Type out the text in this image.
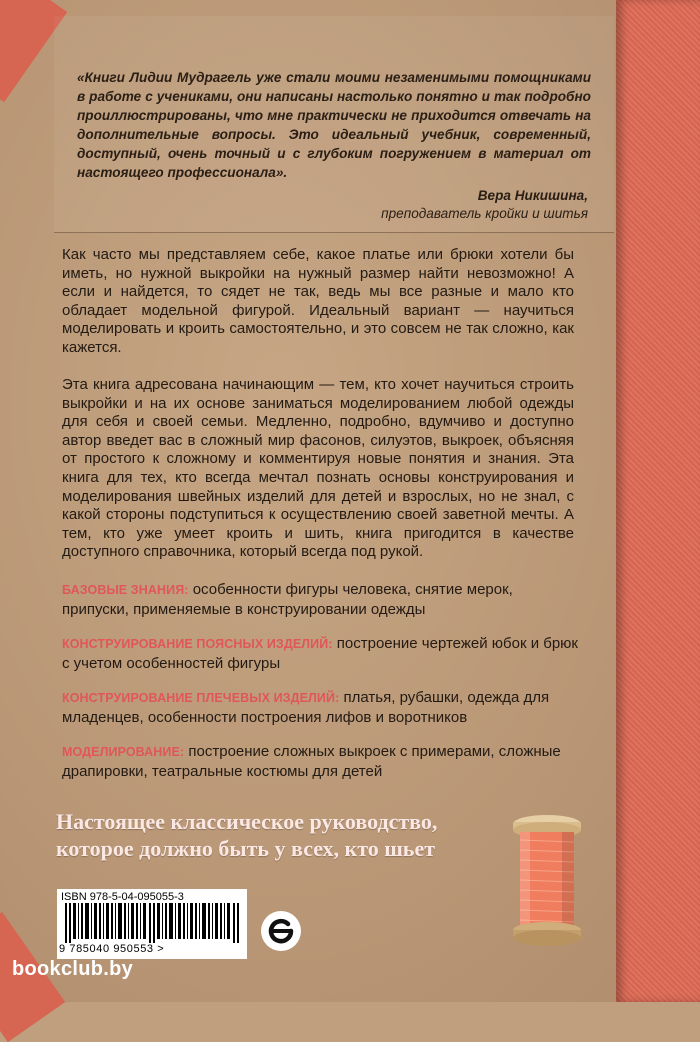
«Книги Лидии Мудрагель уже стали моими незаменимыми помощниками в работе с учениками, они написаны настолько понятно и так подробно проиллюстрированы, что мне практически не приходится отвечать на дополнительные вопросы. Это идеальный учебник, современный, доступный, очень точный и с глубоким погружением в материал от настоящего профессионала».

Вера Никишина,
преподаватель кройки и шитья

Как часто мы представляем себе, какое платье или брюки хотели бы иметь, но нужной выкройки на нужный размер найти невозможно! А если и найдется, то сядет не так, ведь мы все разные и мало кто обладает модельной фигурой. Идеальный вариант — научиться моделировать и кроить самостоятельно, и это совсем не так сложно, как кажется.

Эта книга адресована начинающим — тем, кто хочет научиться строить выкройки и на их основе заниматься моделированием любой одежды для себя и своей семьи. Медленно, подробно, вдумчиво и доступно автор введет вас в сложный мир фасонов, силуэтов, выкроек, объясняя от простого к сложному и комментируя новые понятия и знания. Эта книга для тех, кто всегда мечтал познать основы конструирования и моделирования швейных изделий для детей и взрослых, но не знал, с какой стороны подступиться к осуществлению своей заветной мечты. А тем, кто уже умеет кроить и шить, книга пригодится в качестве доступного справочника, который всегда под рукой.

БАЗОВЫЕ ЗНАНИЯ: особенности фигуры человека, снятие мерок, припуски, применяемые в конструировании одежды
КОНСТРУИРОВАНИЕ ПОЯСНЫХ ИЗДЕЛИЙ: построение чертежей юбок и брюк с учетом особенностей фигуры
КОНСТРУИРОВАНИЕ ПЛЕЧЕВЫХ ИЗДЕЛИЙ: платья, рубашки, одежда для младенцев, особенности построения лифов и воротников
МОДЕЛИРОВАНИЕ: построение сложных выкроек с примерами, сложные драпировки, театральные костюмы для детей

Настоящее классическое руководство,
которое должно быть у всех, кто шьет

ISBN 978-5-04-095055-3
9 785040 950553 >
bookclub.by
